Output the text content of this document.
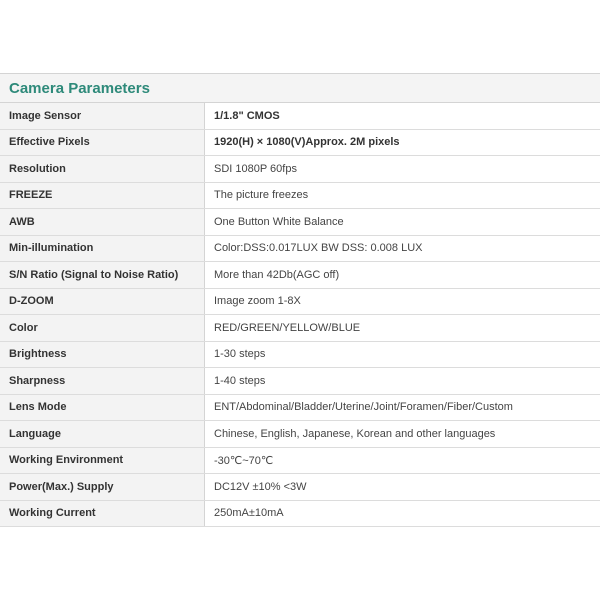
Camera Parameters
Image Sensor	1/1.8" CMOS
Effective Pixels	1920(H) × 1080(V)Approx. 2M pixels
Resolution	SDI 1080P 60fps
FREEZE	The picture freezes
AWB	One Button White Balance
Min-illumination	Color:DSS:0.017LUX BW DSS: 0.008 LUX
S/N Ratio (Signal to Noise Ratio)	More than 42Db(AGC off)
D-ZOOM	Image zoom 1-8X
Color	RED/GREEN/YELLOW/BLUE
Brightness	1-30 steps
Sharpness	1-40 steps
Lens Mode	ENT/Abdominal/Bladder/Uterine/Joint/Foramen/Fiber/Custom
Language	Chinese, English, Japanese, Korean and other languages
Working Environment	-30℃~70℃
Power(Max.) Supply	DC12V ±10% <3W
Working Current	250mA±10mA
